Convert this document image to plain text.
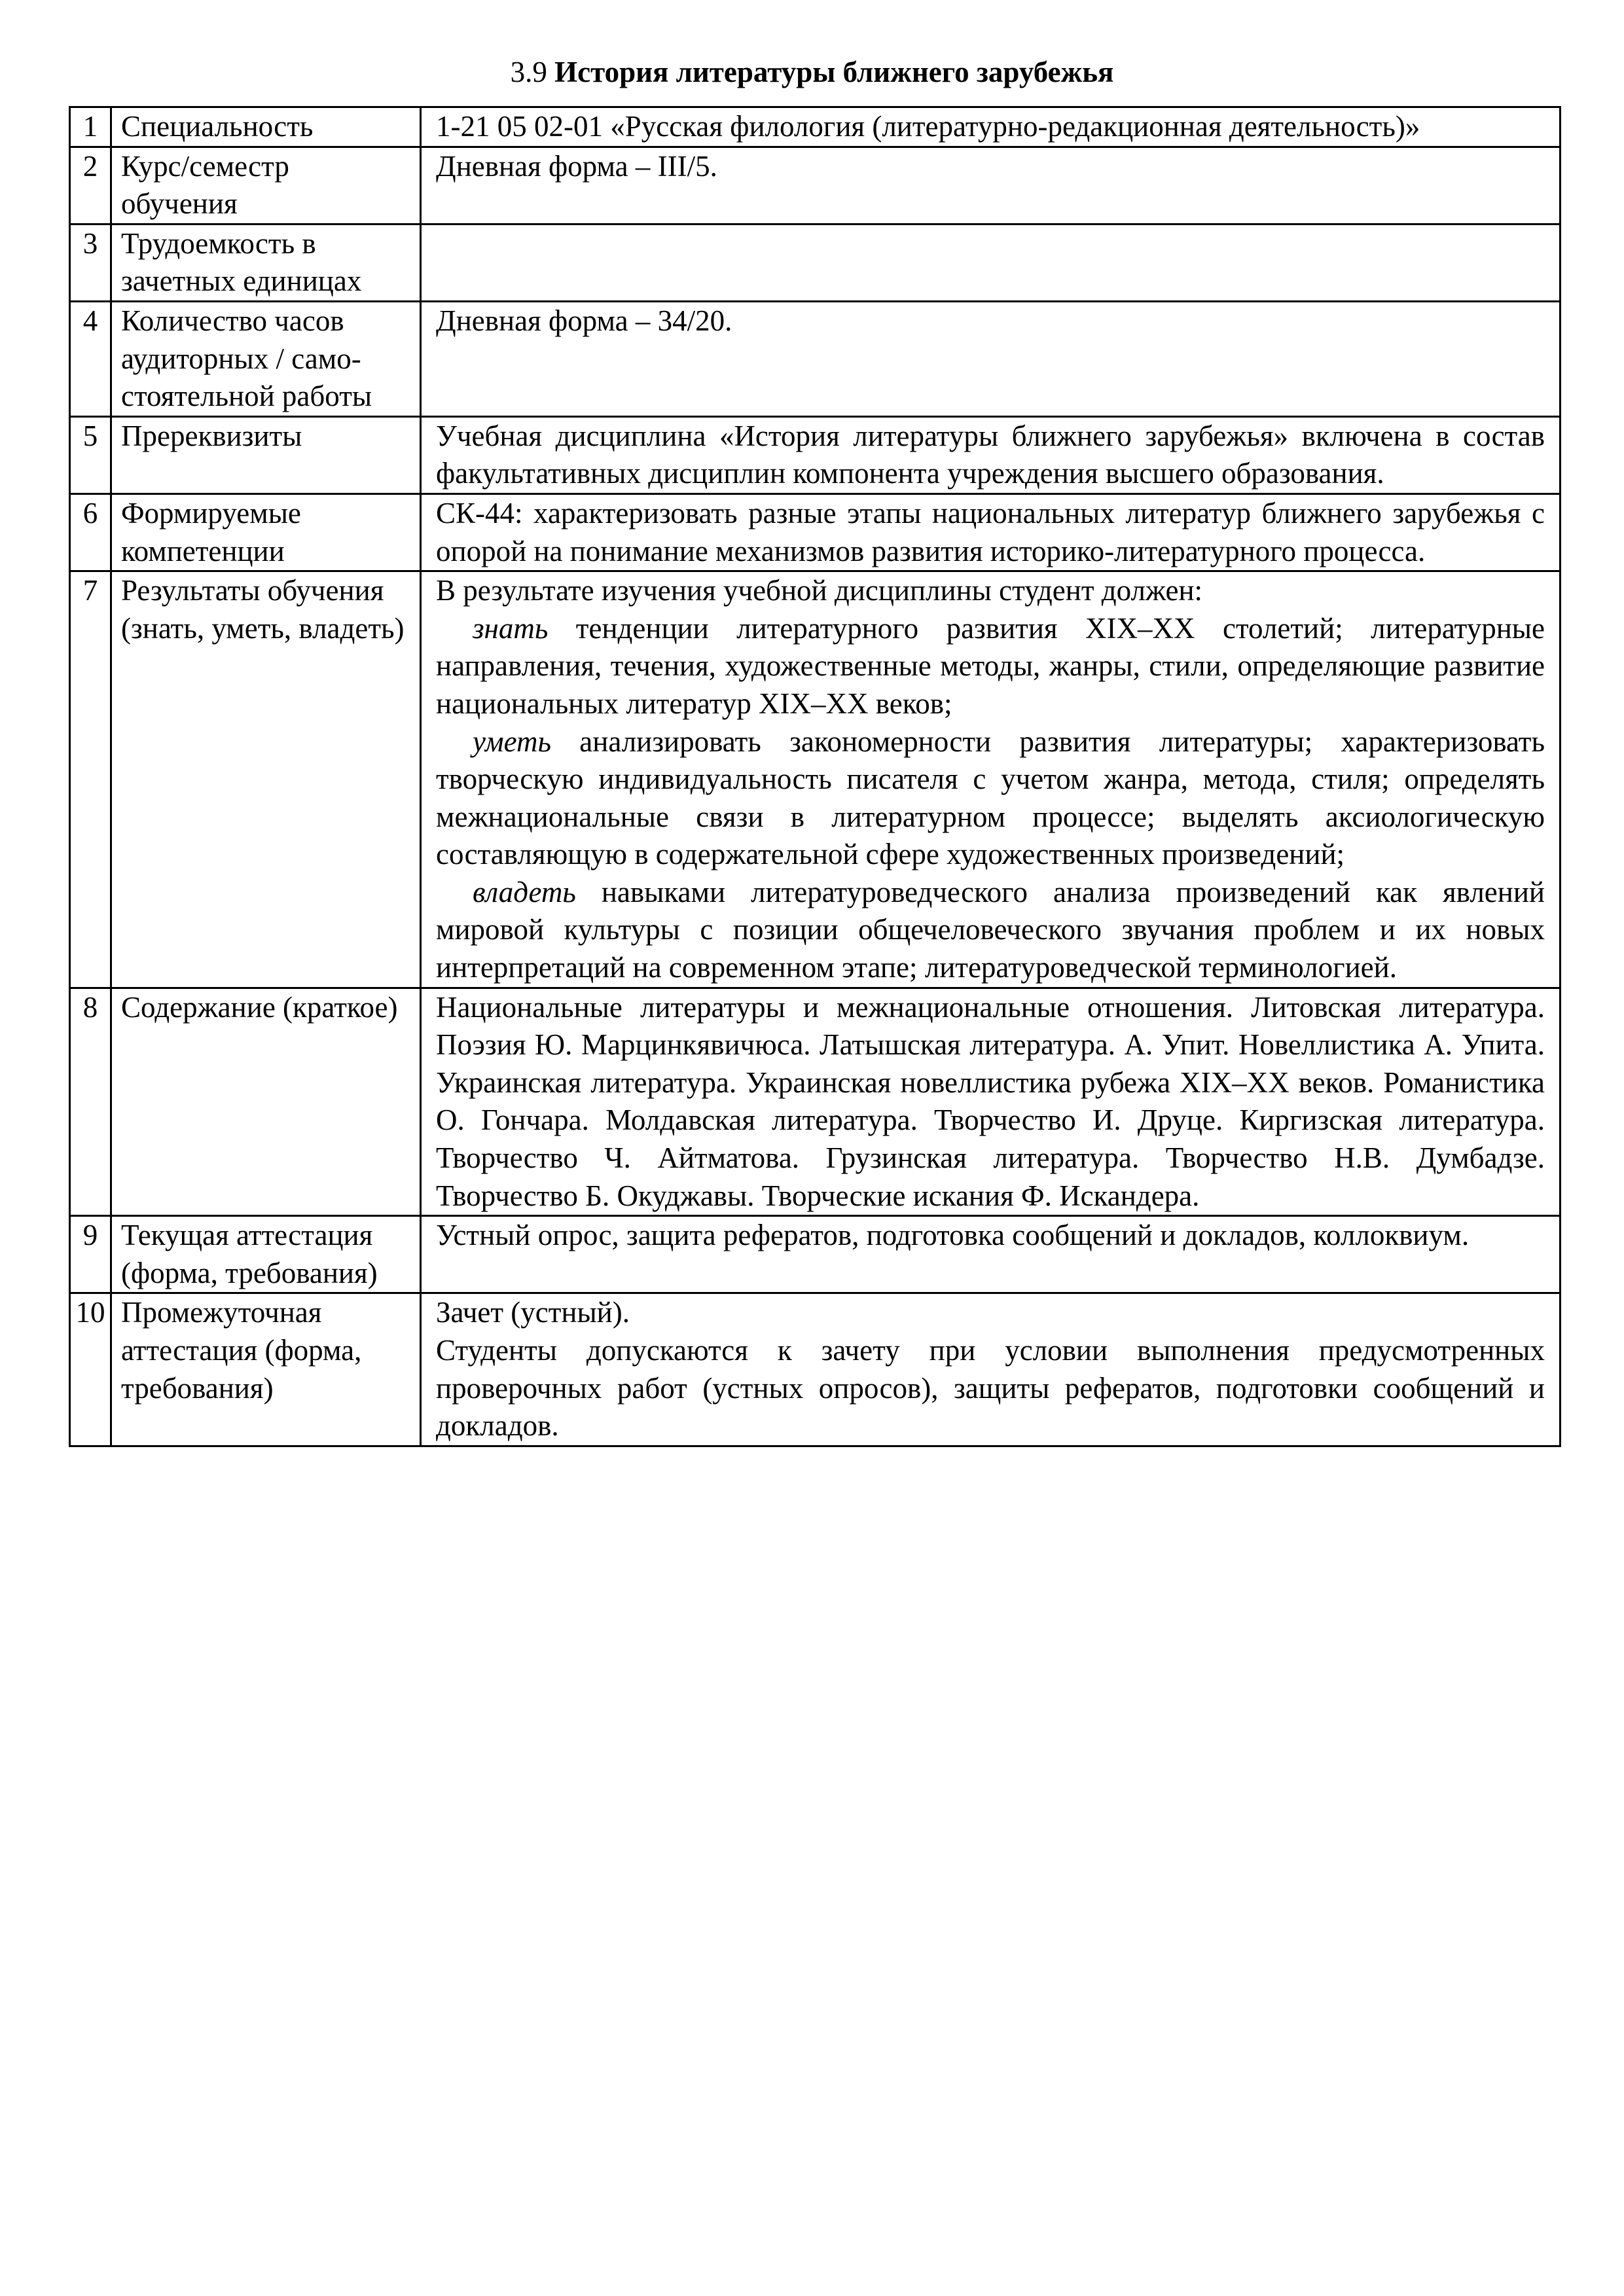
3.9 История литературы ближнего зарубежья
1	Специальность	1-21 05 02-01 «Русская филология (литературно-редакционная деятельность)»
2	Курс/семестр обучения	Дневная форма – III/5.
3	Трудоемкость в зачетных единицах	
4	Количество часов аудиторных / само-стоятельной работы	Дневная форма – 34/20.
5	Пререквизиты	Учебная дисциплина «История литературы ближнего зарубежья» включена в состав факультативных дисциплин компонента учреждения высшего образования.
6	Формируемые компетенции	СК-44: характеризовать разные этапы национальных литератур ближнего зарубежья с опорой на понимание механизмов развития историко-литературного процесса.
7	Результаты обучения (знать, уметь, владеть)	В результате изучения учебной дисциплины студент должен:

знать тенденции литературного развития XIX–XX столетий; литературные направления, течения, художественные методы, жанры, стили, определяющие развитие национальных литератур XIX–XX веков;

уметь анализировать закономерности развития литературы; характеризовать творческую индивидуальность писателя с учетом жанра, метода, стиля; определять межнациональные связи в литературном процессе; выделять аксиологическую составляющую в содержательной сфере художественных произведений;

владеть навыками литературоведческого анализа произведений как явлений мировой культуры с позиции общечеловеческого звучания проблем и их новых интерпретаций на современном этапе; литературоведческой терминологией.

8	Содержание (краткое)	Национальные литературы и межнациональные отношения. Литовская литература. Поэзия Ю. Марцинкявичюса. Латышская литература. А. Упит. Новеллистика А. Упита. Украинская литература. Украинская новеллистика рубежа XIX–XX веков. Романистика О. Гончара. Молдавская литература. Творчество И. Друце. Киргизская литература. Творчество Ч. Айтматова. Грузинская литература. Творчество Н.В. Думбадзе. Творчество Б. Окуджавы. Творческие искания Ф. Искандера.
9	Текущая аттестация (форма, требования)	Устный опрос, защита рефератов, подготовка сообщений и докладов, коллоквиум.
10	Промежуточная аттестация (форма, требования)	Зачет (устный).

Студенты допускаются к зачету при условии выполнения предусмотренных проверочных работ (устных опросов), защиты рефератов, подготовки сообщений и докладов.
